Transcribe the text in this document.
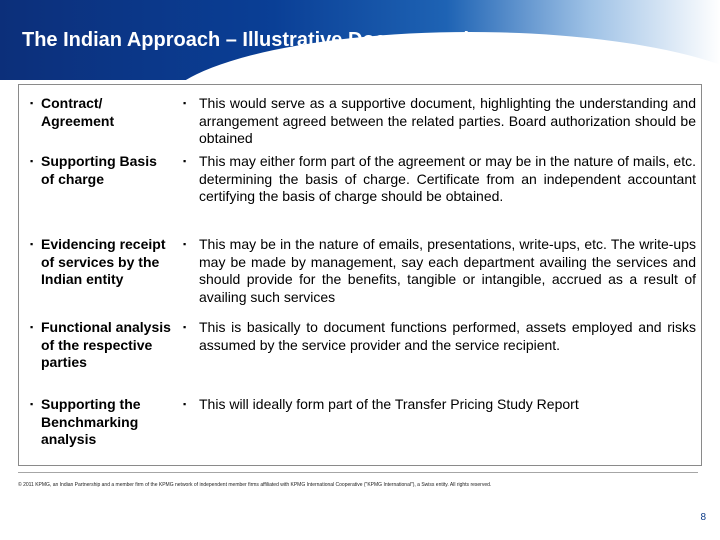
The Indian Approach – Illustrative Documentation
▪ Contract/ Agreement
▪ This would serve as a supportive document, highlighting the understanding and arrangement agreed between the related parties. Board authorization should be obtained
▪ Supporting Basis of charge
▪ This may either form part of the agreement or may be in the nature of mails, etc. determining the basis of charge. Certificate from an independent accountant certifying the basis of charge should be obtained.
▪ Evidencing receipt of services by the Indian entity
▪ This may be in the nature of emails, presentations, write-ups, etc. The write-ups may be made by management, say each department availing the services and should provide for the benefits, tangible or intangible, accrued as a result of availing such services
▪ Functional analysis of the respective parties
▪ This is basically to document functions performed, assets employed and risks assumed by the service provider and the service recipient.
▪ Supporting the Benchmarking analysis
▪ This will ideally form part of the Transfer Pricing Study Report
© 2011 KPMG, an Indian Partnership and a member firm of the KPMG network of independent member firms affiliated with KPMG International Cooperative ("KPMG International"), a Swiss entity. All rights reserved.
8
